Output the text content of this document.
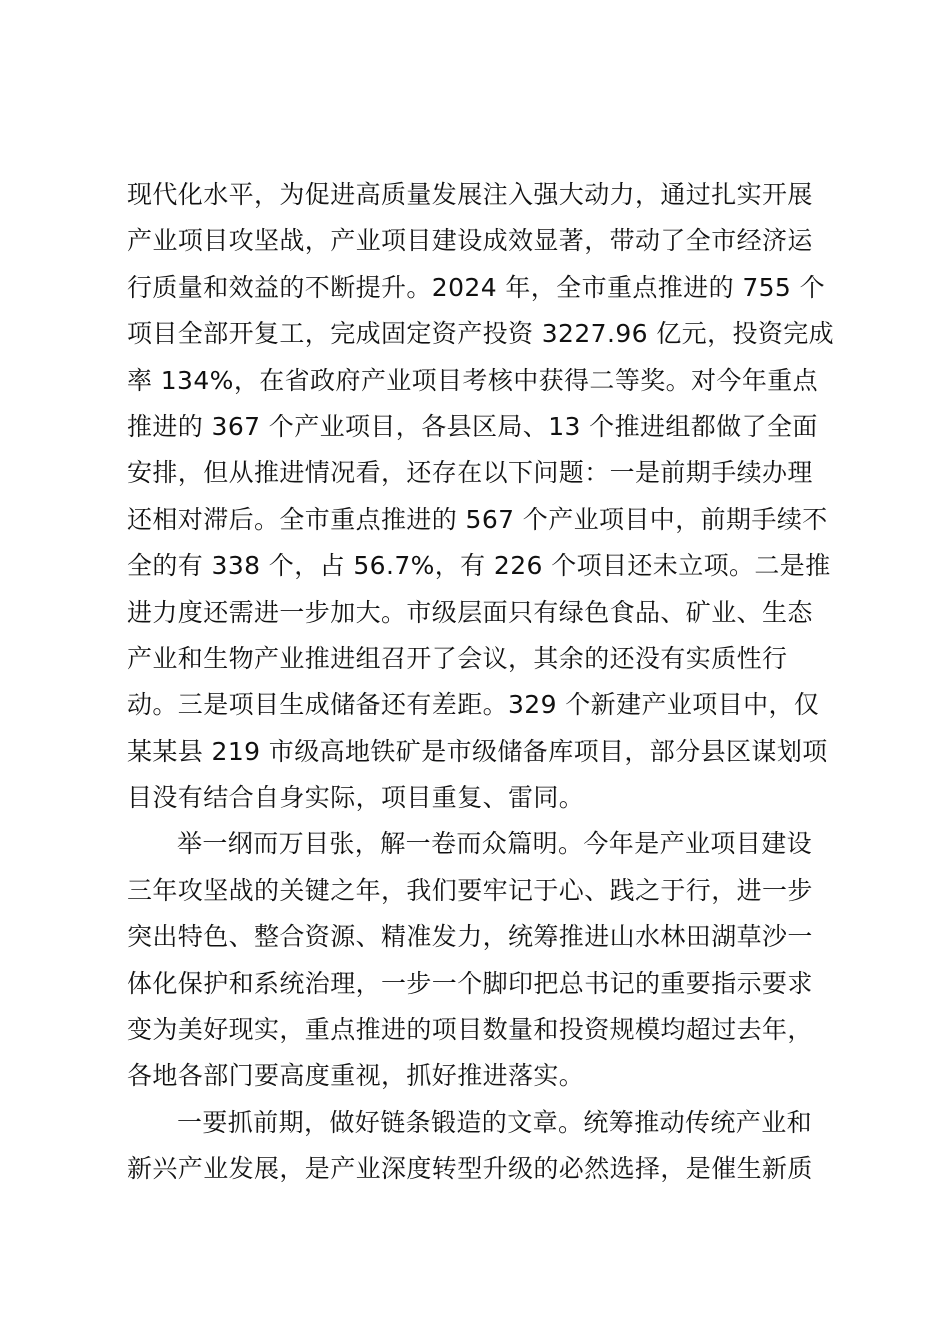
现代化水平，为促进高质量发展注入强大动力，通过扎实开展
产业项目攻坚战，产业项目建设成效显著，带动了全市经济运
行质量和效益的不断提升。2024 年，全市重点推进的 755 个
项目全部开复工，完成固定资产投资 3227.96 亿元，投资完成
率 134%，在省政府产业项目考核中获得二等奖。对今年重点
推进的 367 个产业项目，各县区局、13 个推进组都做了全面
安排，但从推进情况看，还存在以下问题：一是前期手续办理
还相对滞后。全市重点推进的 567 个产业项目中，前期手续不
全的有 338 个，占 56.7%，有 226 个项目还未立项。二是推
进力度还需进一步加大。市级层面只有绿色食品、矿业、生态
产业和生物产业推进组召开了会议，其余的还没有实质性行
动。三是项目生成储备还有差距。329 个新建产业项目中，仅
某某县 219 市级高地铁矿是市级储备库项目，部分县区谋划项
目没有结合自身实际，项目重复、雷同。
举一纲而万目张，解一卷而众篇明。今年是产业项目建设
三年攻坚战的关键之年，我们要牢记于心、践之于行，进一步
突出特色、整合资源、精准发力，统筹推进山水林田湖草沙一
体化保护和系统治理，一步一个脚印把总书记的重要指示要求
变为美好现实，重点推进的项目数量和投资规模均超过去年，
各地各部门要高度重视，抓好推进落实。
一要抓前期，做好链条锻造的文章。统筹推动传统产业和
新兴产业发展，是产业深度转型升级的必然选择，是催生新质
